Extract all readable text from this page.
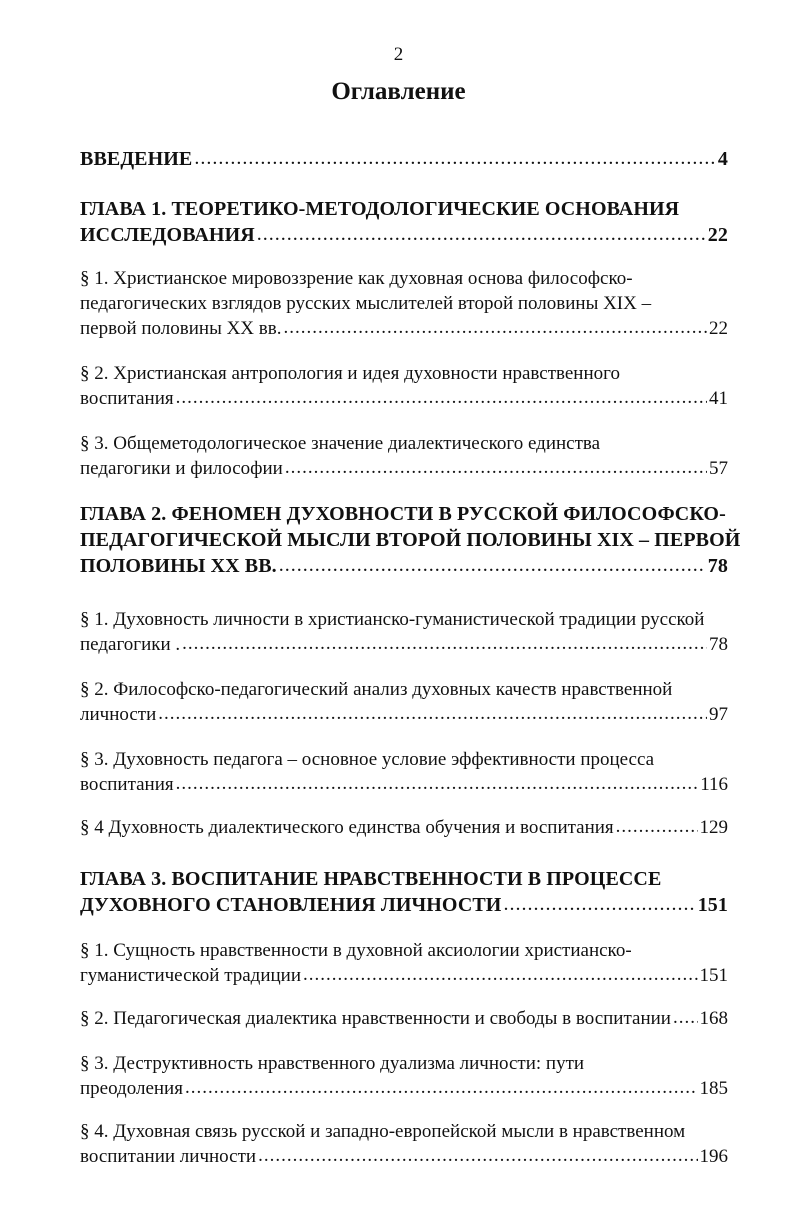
2
Оглавление
ВВЕДЕНИЕ .....	4
ГЛАВА 1. ТЕОРЕТИКО-МЕТОДОЛОГИЧЕСКИЕ ОСНОВАНИЯ
ИССЛЕДОВАНИЯ .....	22
§ 1. Христианское мировоззрение как духовная основа философско-
педагогических взглядов русских мыслителей второй половины XIX –
первой половины XX вв. .....	22
§ 2. Христианская антропология и идея духовности нравственного
воспитания .....	41
§ 3. Общеметодологическое значение диалектического единства
педагогики и философии .....	57
ГЛАВА 2. ФЕНОМЕН ДУХОВНОСТИ В РУССКОЙ ФИЛОСОФСКО-
ПЕДАГОГИЧЕСКОЙ МЫСЛИ ВТОРОЙ ПОЛОВИНЫ XIX – ПЕРВОЙ
ПОЛОВИНЫ XX ВВ. .....	78
§ 1. Духовность личности в христианско-гуманистической традиции русской
педагогики . .....	78
§ 2. Философско-педагогический анализ духовных качеств нравственной
личности .....	97
§ 3. Духовность педагога – основное условие эффективности процесса
воспитания .....	116
§ 4 Духовность диалектического единства обучения и воспитания .....	129
ГЛАВА 3. ВОСПИТАНИЕ НРАВСТВЕННОСТИ В ПРОЦЕССЕ
ДУХОВНОГО СТАНОВЛЕНИЯ ЛИЧНОСТИ .....	151
§ 1. Сущность нравственности в духовной аксиологии христианско-
гуманистической традиции .....	151
§ 2. Педагогическая диалектика нравственности и свободы в воспитании ..... 168
§ 3. Деструктивность нравственного дуализма личности: пути
преодоления .....	185
§ 4. Духовная связь русской и западно-европейской мысли в нравственном
воспитании личности .....	196
